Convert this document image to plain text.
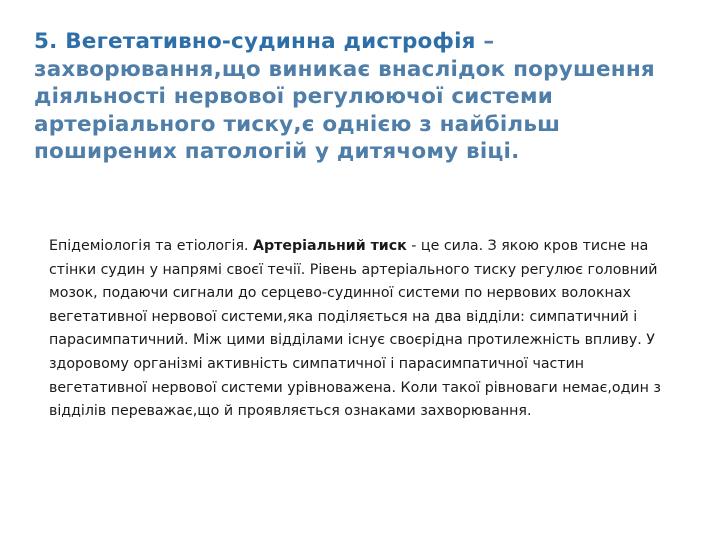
5. Вегетативно-судинна дистрофія – захворювання,що виникає внаслідок порушення діяльності нервової регулюючої системи артеріального тиску,є однією з найбільш поширених патологій у дитячому віці.

Епідеміологія та етіологія. Артеріальний тиск - це сила. З якою кров тисне на стінки судин у напрямі своєї течії. Рівень артеріального тиску регулює головний мозок, подаючи сигнали до серцево-судинної системи по нервових волокнах вегетативної нервової системи,яка поділяється на два відділи: симпатичний і парасимпатичний. Між цими відділами існує своєрідна протилежність впливу. У здоровому організмі активність симпатичної і парасимпатичної частин вегетативної нервової системи урівноважена. Коли такої рівноваги немає,один з відділів переважає,що й проявляється ознаками захворювання.
